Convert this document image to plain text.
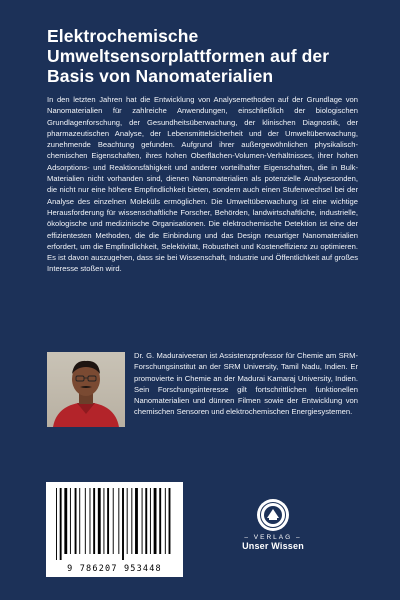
Elektrochemische Umweltsensorplattformen auf der Basis von Nanomaterialien

In den letzten Jahren hat die Entwicklung von Analysemethoden auf der Grundlage von Nanomaterialien für zahlreiche Anwendungen, einschließlich der biologischen Grundlagenforschung, der Gesundheitsüberwachung, der klinischen Diagnostik, der pharmazeutischen Analyse, der Lebensmittelsicherheit und der Umweltüberwachung, zunehmende Beachtung gefunden. Aufgrund ihrer außergewöhnlichen physikalisch-chemischen Eigenschaften, ihres hohen Oberflächen-Volumen-Verhältnisses, ihrer hohen Adsorptions- und Reaktionsfähigkeit und anderer vorteilhafter Eigenschaften, die in Bulk-Materialien nicht vorhanden sind, dienen Nanomaterialien als potenzielle Analysesonden, die nicht nur eine höhere Empfindlichkeit bieten, sondern auch einen Stufenwechsel bei der Analyse des einzelnen Moleküls ermöglichen. Die Umweltüberwachung ist eine wichtige Herausforderung für wissenschaftliche Forscher, Behörden, landwirtschaftliche, industrielle, ökologische und medizinische Organisationen. Die elektrochemische Detektion ist eine der effizientesten Methoden, die die Einbindung und das Design neuartiger Nanomaterialien erfordert, um die Empfindlichkeit, Selektivität, Robustheit und Kosteneffizienz zu optimieren. Es ist davon auszugehen, dass sie bei Wissenschaft, Industrie und Öffentlichkeit auf großes Interesse stoßen wird.

Dr. G. Maduraiveeran ist Assistenzprofessor für Chemie am SRM-Forschungsinstitut an der SRM University, Tamil Nadu, Indien. Er promovierte in Chemie an der Madurai Kamaraj University, Indien. Sein Forschungsinteresse gilt fortschrittlichen funktionellen Nanomaterialien und dünnen Filmen sowie der Entwicklung von chemischen Sensoren und elektrochemischen Energiesystemen.

9 786207 953448
– VERLAG –
Unser Wissen
